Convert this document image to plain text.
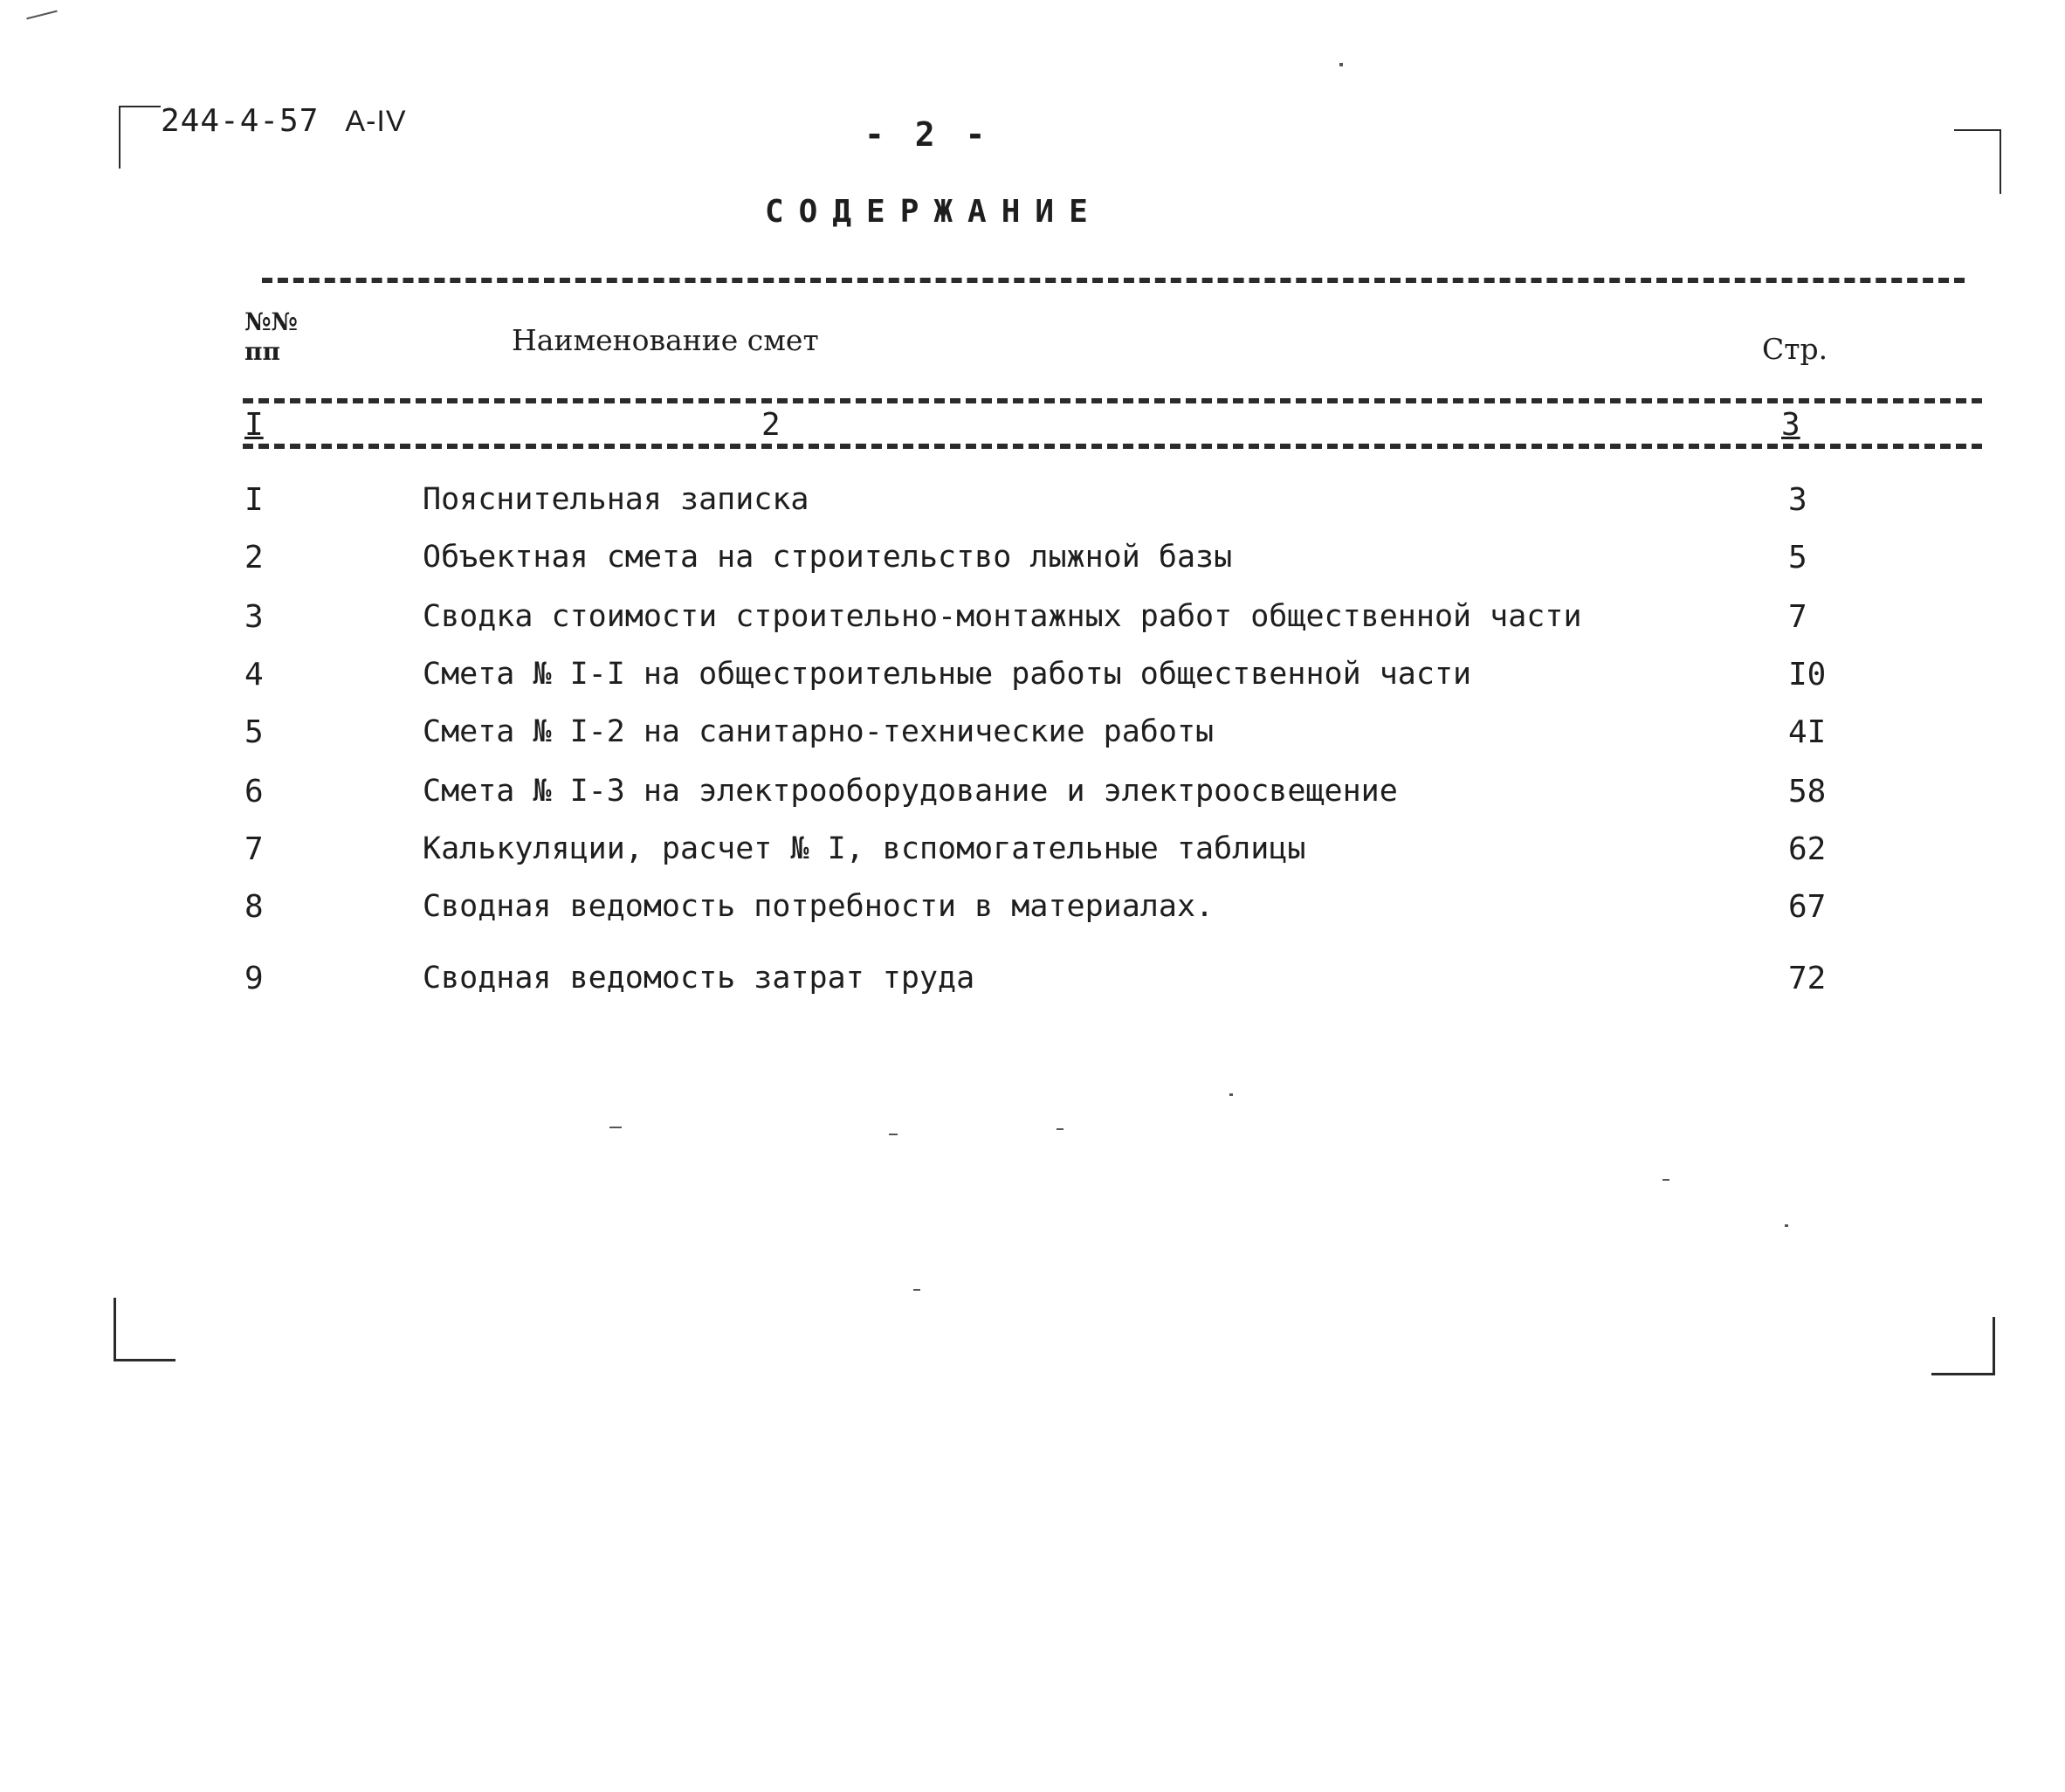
244-4-57 А-IV	- 2 -
СОДЕРЖАНИЕ
№№
пп	Наименование смет	Стр.
I	2	3
I	Пояснительная записка	3
2	Объектная смета на строительство лыжной базы	5
3	Сводка стоимости строительно-монтажных работ общественной части	7
4	Смета № I-I на общестроительные работы общественной части	I0
5	Смета № I-2 на санитарно-технические работы	4I
6	Смета № I-3 на электрооборудование и электроосвещение	58
7	Калькуляции, расчет № I, вспомогательные таблицы	62
8	Сводная ведомость потребности в материалах.	67
9	Сводная ведомость затрат труда	72
